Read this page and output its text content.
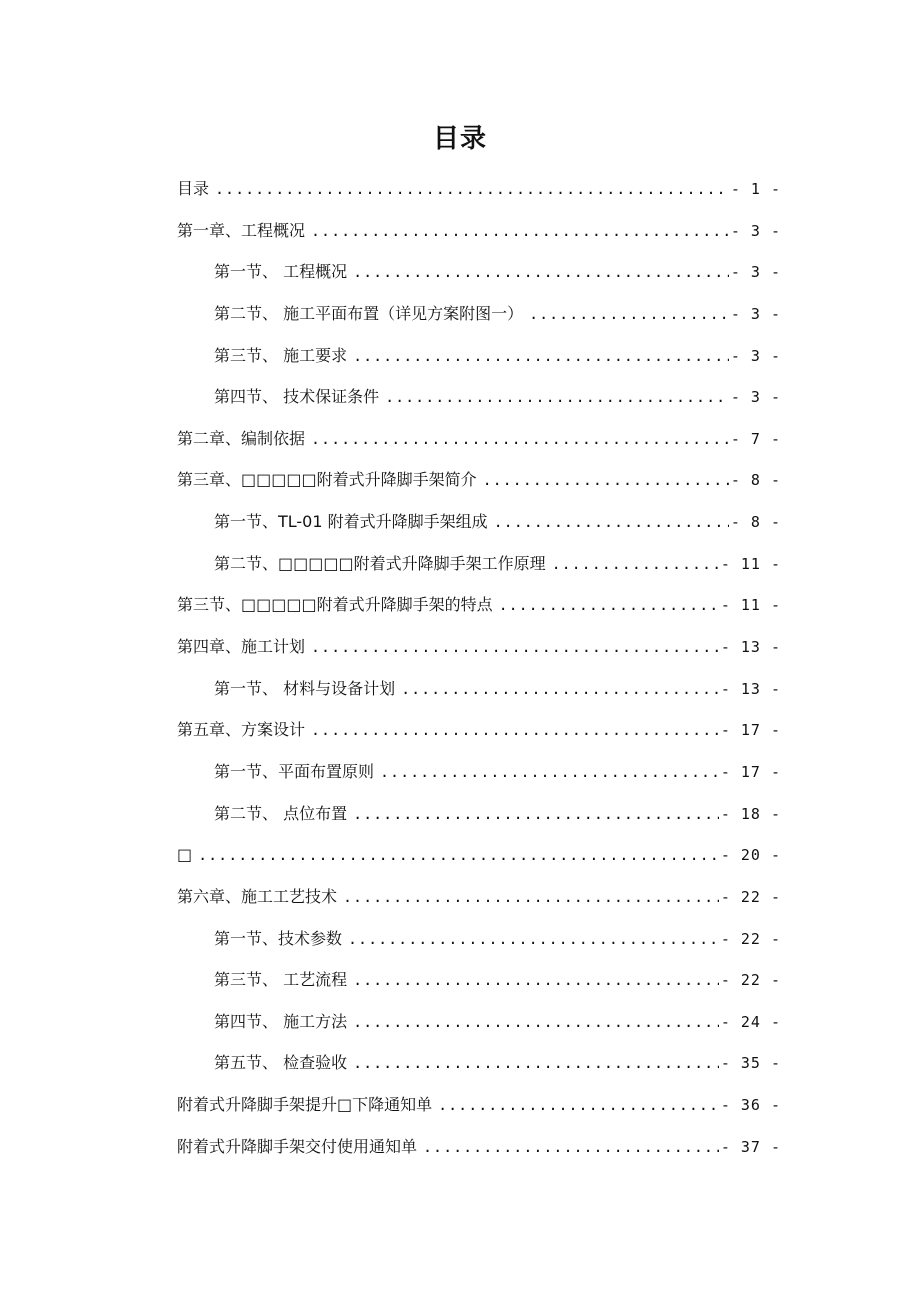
目录
目录 .....	- 1 -
第一章、工程概况 .....	- 3 -
第一节、 工程概况 .....	- 3 -
第二节、 施工平面布置（详见方案附图一） .....	- 3 -
第三节、 施工要求 .....	- 3 -
第四节、 技术保证条件 .....	- 3 -
第二章、编制依据 .....	- 7 -
第三章、□□□□□附着式升降脚手架简介 .....	- 8 -
第一节、TL-01 附着式升降脚手架组成 .....	- 8 -
第二节、□□□□□附着式升降脚手架工作原理 .....	- 11 -
第三节、□□□□□附着式升降脚手架的特点 .....	- 11 -
第四章、施工计划 .....	- 13 -
第一节、 材料与设备计划 .....	- 13 -
第五章、方案设计 .....	- 17 -
第一节、平面布置原则 .....	- 17 -
第二节、 点位布置 .....	- 18 -
□ .....	- 20 -
第六章、施工工艺技术 .....	- 22 -
第一节、技术参数 .....	- 22 -
第三节、 工艺流程 .....	- 22 -
第四节、 施工方法 .....	- 24 -
第五节、 检查验收 .....	- 35 -
附着式升降脚手架提升□下降通知单 .....	- 36 -
附着式升降脚手架交付使用通知单 .....	- 37 -
